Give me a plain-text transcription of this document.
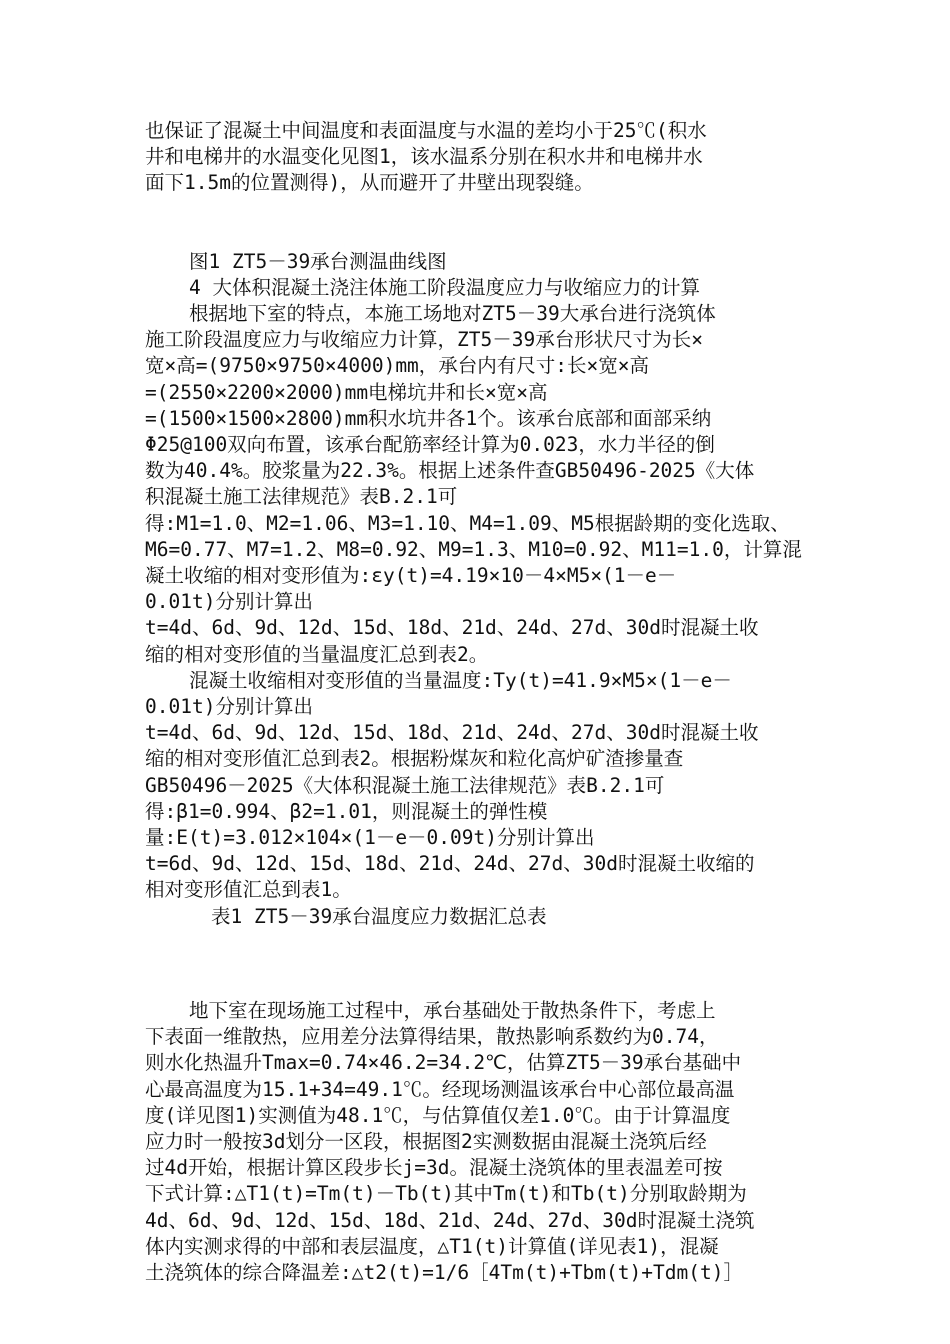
也保证了混凝土中间温度和表面温度与水温的差均小于25℃(积水
井和电梯井的水温变化见图1，该水温系分别在积水井和电梯井水
面下1.5m的位置测得)，从而避开了井壁出现裂缝。
图1 ZT5－39承台测温曲线图
4 大体积混凝土浇注体施工阶段温度应力与收缩应力的计算
根据地下室的特点，本施工场地对ZT5－39大承台进行浇筑体
施工阶段温度应力与收缩应力计算，ZT5－39承台形状尺寸为长×
宽×高=(9750×9750×4000)mm，承台内有尺寸:长×宽×高
=(2550×2200×2000)mm电梯坑井和长×宽×高
=(1500×1500×2800)mm积水坑井各1个。该承台底部和面部采纳
Φ25@100双向布置，该承台配筋率经计算为0.023，水力半径的倒
数为40.4%。胶浆量为22.3%。根据上述条件查GB50496-2025《大体
积混凝土施工法律规范》表B.2.1可
得:M1=1.0、M2=1.06、M3=1.10、M4=1.09、M5根据龄期的变化选取、
M6=0.77、M7=1.2、M8=0.92、M9=1.3、M10=0.92、M11=1.0，计算混
凝土收缩的相对变形值为:εy(t)=4.19×10－4×M5×(1－e－
0.01t)分别计算出
t=4d、6d、9d、12d、15d、18d、21d、24d、27d、30d时混凝土收
缩的相对变形值的当量温度汇总到表2。
混凝土收缩相对变形值的当量温度:Ty(t)=41.9×M5×(1－e－
0.01t)分别计算出
t=4d、6d、9d、12d、15d、18d、21d、24d、27d、30d时混凝土收
缩的相对变形值汇总到表2。根据粉煤灰和粒化高炉矿渣掺量查
GB50496－2025《大体积混凝土施工法律规范》表B.2.1可
得:β1=0.994、β2=1.01，则混凝土的弹性模
量:E(t)=3.012×104×(1－e－0.09t)分别计算出
t=6d、9d、12d、15d、18d、21d、24d、27d、30d时混凝土收缩的
相对变形值汇总到表1。
表1 ZT5－39承台温度应力数据汇总表
地下室在现场施工过程中，承台基础处于散热条件下，考虑上
下表面一维散热，应用差分法算得结果，散热影响系数约为0.74，
则水化热温升Tmax=0.74×46.2=34.2℃，估算ZT5－39承台基础中
心最高温度为15.1+34=49.1℃。经现场测温该承台中心部位最高温
度(详见图1)实测值为48.1℃，与估算值仅差1.0℃。由于计算温度
应力时一般按3d划分一区段，根据图2实测数据由混凝土浇筑后经
过4d开始，根据计算区段步长j=3d。混凝土浇筑体的里表温差可按
下式计算:△T1(t)=Tm(t)－Tb(t)其中Tm(t)和Tb(t)分别取龄期为
4d、6d、9d、12d、15d、18d、21d、24d、27d、30d时混凝土浇筑
体内实测求得的中部和表层温度，△T1(t)计算值(详见表1)，混凝
土浇筑体的综合降温差:△t2(t)=1/6［4Tm(t)+Tbm(t)+Tdm(t)］
